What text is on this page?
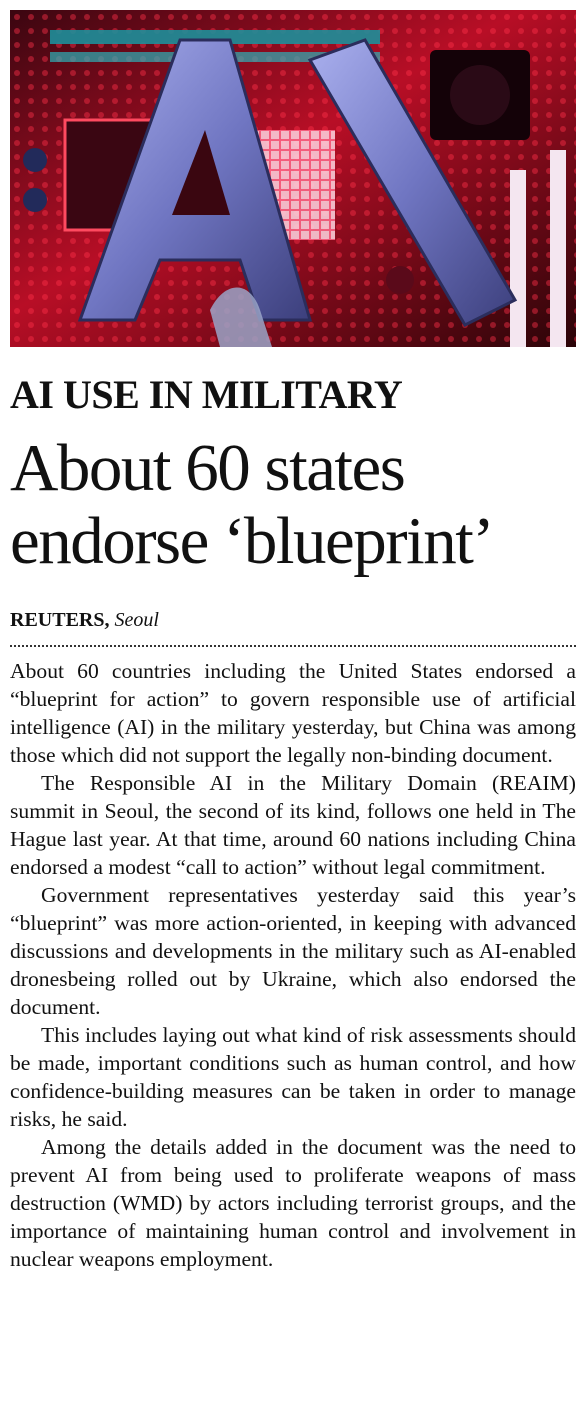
AI USE IN MILITARY
About 60 states
endorse ‘blueprint’
REUTERS, Seoul

About 60 countries including the United States endorsed a “blueprint for action” to govern responsible use of artificial intelligence (AI) in the military yesterday, but China was among those which did not support the legally non-binding document.

The Responsible AI in the Military Domain (REAIM) summit in Seoul, the second of its kind, follows one held in The Hague last year. At that time, around 60 nations including China endorsed a modest “call to action” without legal commitment.

Government representatives yesterday said this year’s “blueprint” was more action-oriented, in keeping with advanced discussions and developments in the military such as AI-enabled dronesbeing rolled out by Ukraine, which also endorsed the document.

This includes laying out what kind of risk assessments should be made, important conditions such as human control, and how confidence-building measures can be taken in order to manage risks, he said.

Among the details added in the document was the need to prevent AI from being used to proliferate weapons of mass destruction (WMD) by actors including terrorist groups, and the importance of maintaining human control and involvement in nuclear weapons employment.
